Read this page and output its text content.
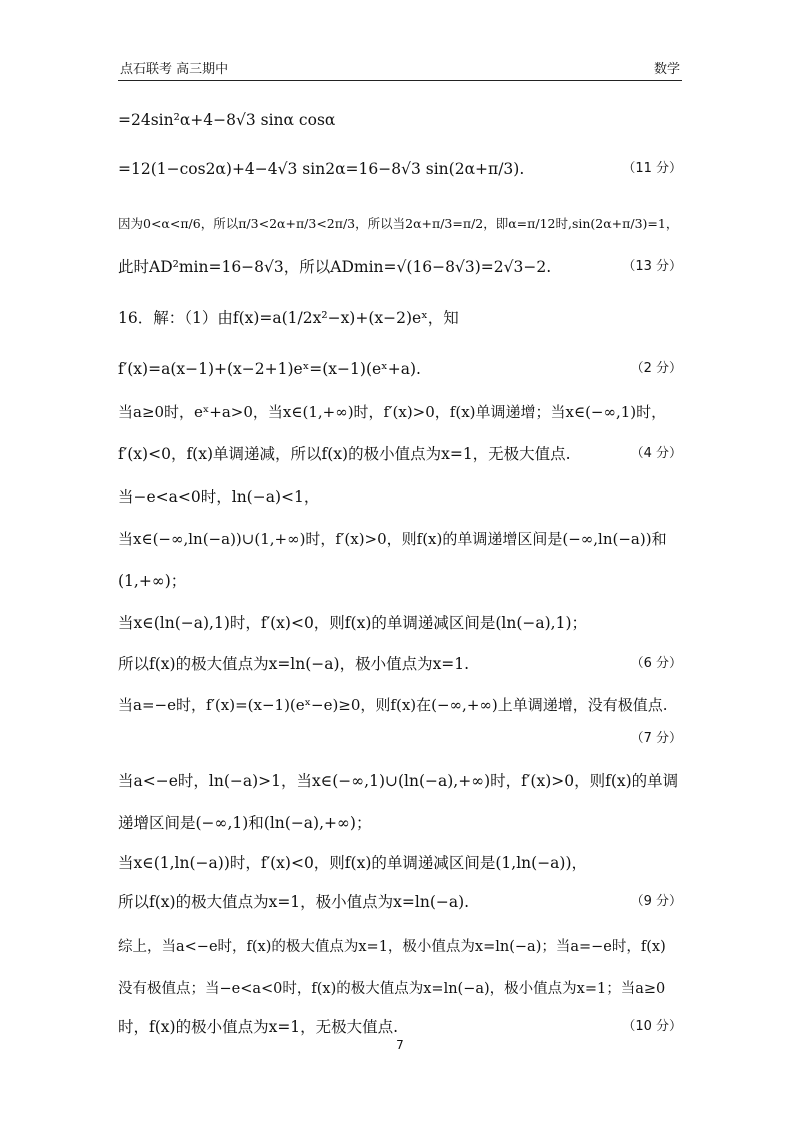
点石联考 高三期中	数学
=24sin²α+4−8√3 sinα cosα
=12(1−cos2α)+4−4√3 sin2α=16−8√3 sin(2α+π/3).	（11 分）
因为0<α<π/6，所以π/3<2α+π/3<2π/3，所以当2α+π/3=π/2，即α=π/12时,sin(2α+π/3)=1，
此时AD²min=16−8√3，所以ADmin=√(16−8√3)=2√3−2.	（13 分）
16．解：（1）由f(x)=a(1/2x²−x)+(x−2)eˣ，知
f′(x)=a(x−1)+(x−2+1)eˣ=(x−1)(eˣ+a).	（2 分）
当a≥0时，eˣ+a>0，当x∈(1,+∞)时，f′(x)>0，f(x)单调递增；当x∈(−∞,1)时，
f′(x)<0，f(x)单调递减，所以f(x)的极小值点为x=1，无极大值点.	（4 分）
当−e<a<0时，ln(−a)<1，
当x∈(−∞,ln(−a))∪(1,+∞)时，f′(x)>0，则f(x)的单调递增区间是(−∞,ln(−a))和
(1,+∞)；
当x∈(ln(−a),1)时，f′(x)<0，则f(x)的单调递减区间是(ln(−a),1)；
所以f(x)的极大值点为x=ln(−a)，极小值点为x=1.	（6 分）
当a=−e时，f′(x)=(x−1)(eˣ−e)≥0，则f(x)在(−∞,+∞)上单调递增，没有极值点.
（7 分）
当a<−e时，ln(−a)>1，当x∈(−∞,1)∪(ln(−a),+∞)时，f′(x)>0，则f(x)的单调
递增区间是(−∞,1)和(ln(−a),+∞)；
当x∈(1,ln(−a))时，f′(x)<0，则f(x)的单调递减区间是(1,ln(−a))，
所以f(x)的极大值点为x=1，极小值点为x=ln(−a).	（9 分）
综上，当a<−e时，f(x)的极大值点为x=1，极小值点为x=ln(−a)；当a=−e时，f(x)
没有极值点；当−e<a<0时，f(x)的极大值点为x=ln(−a)，极小值点为x=1；当a≥0
时，f(x)的极小值点为x=1，无极大值点.	（10 分）
7
